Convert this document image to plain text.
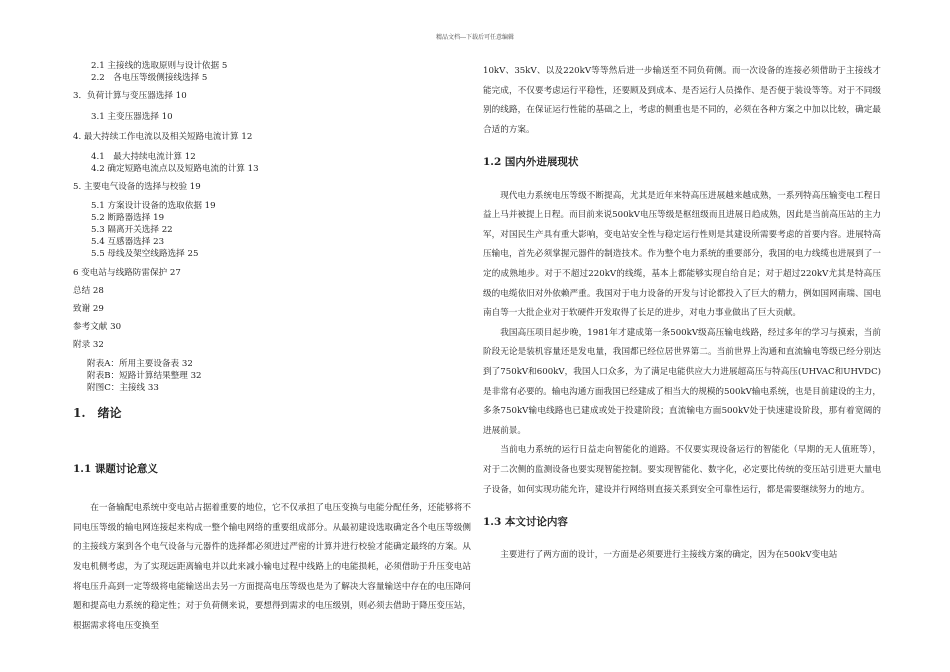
精品文档---下载后可任意编辑
2.1 主接线的选取原则与设计依据 5
2.2　各电压等级侧接线选择 5
3．负荷计算与变压器选择 10
3.1 主变压器选择 10
4. 最大持续工作电流以及相关短路电流计算 12
4.1　最大持续电流计算 12
4.2 确定短路电流点以及短路电流的计算 13
5. 主要电气设备的选择与校验 19
5.1 方案设计设备的选取依据 19
5.2 断路器选择 19
5.3 隔离开关选择 22
5.4 互感器选择 23
5.5 母线及架空线路选择 25
6 变电站与线路防雷保护 27
总结 28
致谢 29
参考文献 30
附录 32
附表A：所用主要设备表 32
附表B：短路计算结果整理 32
附图C：主接线 33
1.　绪论
1.1 课题讨论意义

在一备输配电系统中变电站占据着重要的地位，它不仅承担了电压变换与电能分配任务，还能够将不同电压等级的输电网连接起来构成一整个输电网络的重要组成部分。从最初建设选取确定各个电压等级侧的主接线方案到各个电气设备与元器件的选择都必须进过严密的计算并进行校验才能确定最终的方案。从发电机侧考虑，为了实现远距离输电并以此来减小输电过程中线路上的电能损耗，必须借助于升压变电站将电压升高到一定等级将电能输送出去另一方面提高电压等级也是为了解决大容量输送中存在的电压降问题和提高电力系统的稳定性；对于负荷侧来说，要想得到需求的电压级别，则必须去借助于降压变压站，根据需求将电压变换至

10kV、35kV、以及220kV等等然后进一步输送至不同负荷侧。而一次设备的连接必须借助于主接线才能完成，不仅要考虑运行平稳性，还要顾及到成本、是否运行人员操作、是否便于装设等等。对于不同级别的线路，在保证运行性能的基础之上，考虑的侧重也是不同的，必须在各种方案之中加以比较，确定最合适的方案。

1.2 国内外进展现状

现代电力系统电压等级不断提高，尤其是近年来特高压进展越来越成熟，一系列特高压输变电工程日益上马并被提上日程。而目前来说500kV电压等级是枢纽级而且进展日趋成熟，因此是当前高压站的主力军，对国民生产具有重大影响，变电站安全性与稳定运行性则是其建设所需要考虑的首要内容。进展特高压输电，首先必须掌握元器件的制造技术。作为整个电力系统的重要部分，我国的电力线缆也进展到了一定的成熟地步。对于不超过220kV的线缆，基本上都能够实现自给自足；对于超过220kV尤其是特高压级的电缆依旧对外依赖严重。我国对于电力设备的开发与讨论都投入了巨大的精力，例如国网南瑞、国电南自等一大批企业对于软硬件开发取得了长足的进步，对电力事业做出了巨大贡献。

我国高压项目起步晚，1981年才建成第一条500kV级高压输电线路，经过多年的学习与摸索，当前阶段无论是装机容量还是发电量，我国都已经位居世界第二。当前世界上沟通和直流输电等级已经分别达到了750kV和600kV，我国人口众多，为了满足电能供应大力进展超高压与特高压(UHVAC和UHVDC)是非常有必要的。输电沟通方面我国已经建成了相当大的规模的500kV输电系统，也是目前建设的主力，多条750kV输电线路也已建成或处于投建阶段；直流输电方面500kV处于快速建设阶段，那有着宽阔的进展前景。

当前电力系统的运行日益走向智能化的道路。不仅要实现设备运行的智能化（早期的无人值班等），对于二次侧的监测设备也要实现智能控制。要实现智能化、数字化，必定要比传统的变压站引进更大量电子设备，如何实现功能允许，建设并行网络则直接关系到安全可靠性运行，都是需要继续努力的地方。

1.3 本文讨论内容

主要进行了两方面的设计，一方面是必须要进行主接线方案的确定，因为在500kV变电站
